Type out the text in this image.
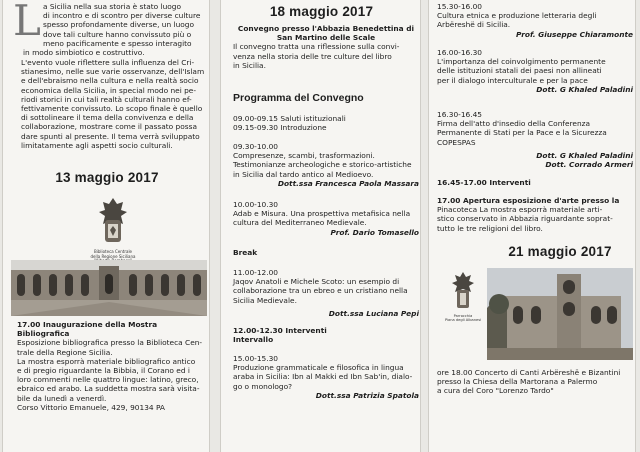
L a Sicilia nella sua storia è stato luogo
di incontro e di scontro per diverse culture
spesso profondamente diverse, un luogo
dove tali culture hanno convissuto più o
meno pacificamente e spesso interagito
in modo simbiotico e costruttivo.
L'evento vuole riflettere sulla influenza del Cri-
stianesimo, nelle sue varie osservanze, dell'Islam
e dell'ebraismo nella cultura e nella realtà socio
economica della Sicilia, in special modo nei pe-
riodi storici in cui tali realtà culturali hanno ef-
fettivamente convissuto. Lo scopo finale è quello
di sottolineare il tema della convivenza e della
collaborazione, mostrare come il passato possa
dare spunti al presente. Il tema verrà sviluppato
limitatamente agli aspetti socio culturali.
13 maggio 2017
Biblioteca Centrale
della Regione Siciliana
17.00 Inaugurazione della Mostra Bibliografica
Esposizione bibliografica presso la Biblioteca Cen-
trale della Regione Sicilia.
La mostra esporrà materiale bibliografico antico
e di pregio riguardante la Bibbia, il Corano ed i
loro commenti nelle quattro lingue: latino, greco,
ebraico ed arabo. La suddetta mostra sarà visita-
bile da lunedì a venerdì.
Corso Vittorio Emanuele, 429, 90134 PA
18 maggio 2017
Convegno presso l'Abbazia Benedettina di
San Martino delle Scale
Il convegno tratta una riflessione sulla convi-
venza nella storia delle tre culture del libro
in Sicilia.
Programma del Convegno
09.00-09.15 Saluti istituzionali
09.15-09.30 Introduzione
09.30-10.00
Compresenze, scambi, trasformazioni.
Testimonianze archeologiche e storico-artistiche
in Sicilia dal tardo antico al Medioevo.
Dott.ssa Francesca Paola Massara
10.00-10.30
Adab e Misura. Una prospettiva metafisica nella
cultura del Mediterraneo Medievale.
Prof. Dario Tomasello
Break
11.00-12.00
Jaqov Anatoli e Michele Scoto: un esempio di
collaborazione tra un ebreo e un cristiano nella
Sicilia Medievale.
Dott.ssa Luciana Pepi
12.00-12.30 Interventi
Intervallo
15.00-15.30
Produzione grammaticale e filosofica in lingua
araba in Sicilia: Ibn al Makki ed Ibn Sab'in, dialo-
go o monologo?
Dott.ssa Patrizia Spatola
15.30-16.00
Cultura etnica e produzione letteraria degli
Arbëreshë di Sicilia.
Prof. Giuseppe Chiaramonte
16.00-16.30
L'importanza del coinvolgimento permanente
delle istituzioni statali dei paesi non allineati
per il dialogo interculturale e per la pace
Dott. G Khaled Paladini
16.30-16.45
Firma dell'atto d'insedio della Conferenza
Permanente di Stati per la Pace e la Sicurezza
COPESPAS
Dott. G Khaled Paladini
Dott. Corrado Armeri
16.45-17.00 Interventi
17.00 Apertura esposizione d'arte presso la
Pinacoteca La mostra esporrà materiale arti-
stico conservato in Abbazia riguardante soprat-
tutto le tre religioni del libro.
21 maggio 2017
Parrocchia
Piana degli Albanesi
ore 18.00 Concerto di Canti Arbëreshë e Bizantini
presso la Chiesa della Martorana a Palermo
a cura del Coro "Lorenzo Tardo"
